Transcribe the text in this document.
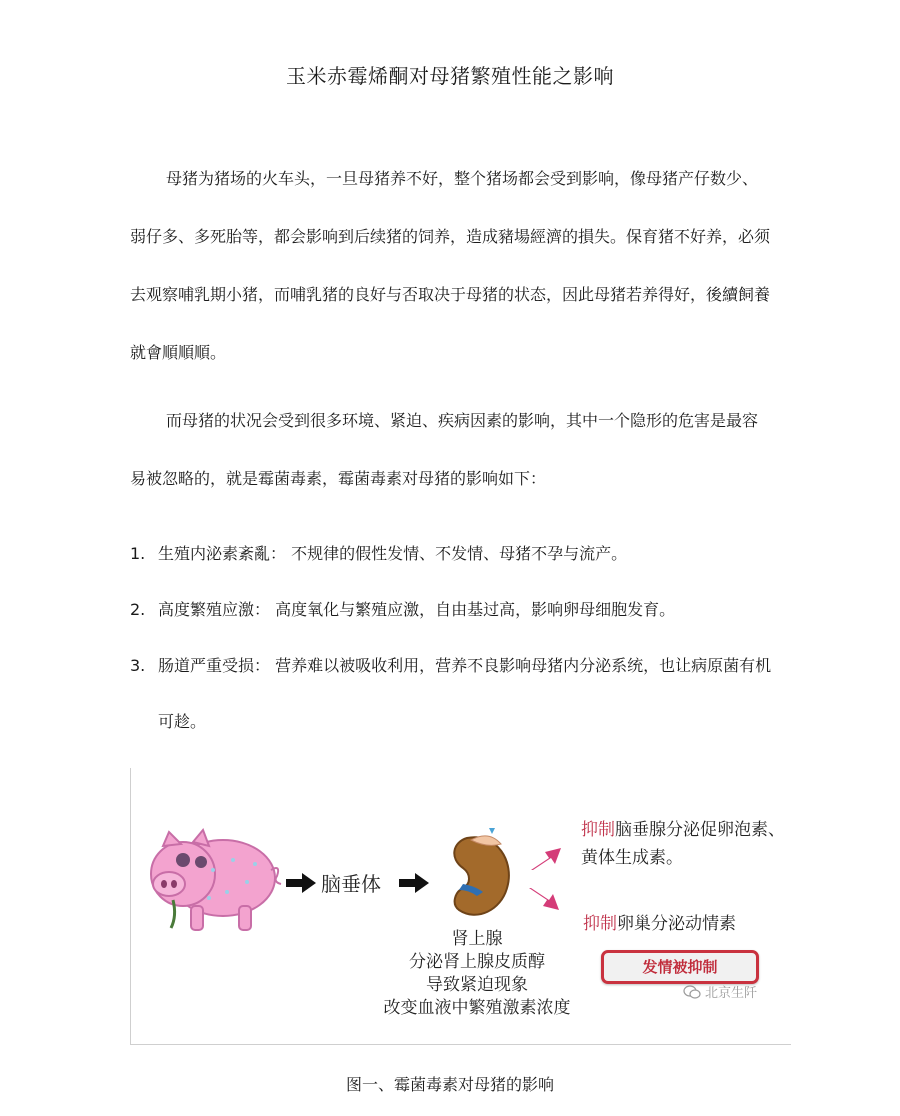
玉米赤霉烯酮对母猪繁殖性能之影响

母猪为猪场的火车头，一旦母猪养不好，整个猪场都会受到影响，像母猪产仔数少、弱仔多、多死胎等，都会影响到后续猪的饲养，造成豬場經濟的損失。保育猪不好养，必须去观察哺乳期小猪，而哺乳猪的良好与否取决于母猪的状态，因此母猪若养得好，後續飼養就會順順順。

而母猪的状况会受到很多环境、紧迫、疾病因素的影响，其中一个隐形的危害是最容易被忽略的，就是霉菌毒素，霉菌毒素对母猪的影响如下：

1. 生殖内泌素紊亂： 不规律的假性发情、不发情、母猪不孕与流产。
2. 高度繁殖应激： 高度氧化与繁殖应激，自由基过高，影响卵母细胞发育。
3. 肠道严重受损： 营养难以被吸收利用，营养不良影响母猪内分泌系统，也让病原菌有机可趁。
脑垂体
抑制脑垂腺分泌促卵泡素、黄体生成素。
抑制卵巢分泌动情素
肾上腺
分泌肾上腺皮质醇
导致紧迫现象
改变血液中繁殖激素浓度
发情被抑制
北京生阡
图一、霉菌毒素对母猪的影响
